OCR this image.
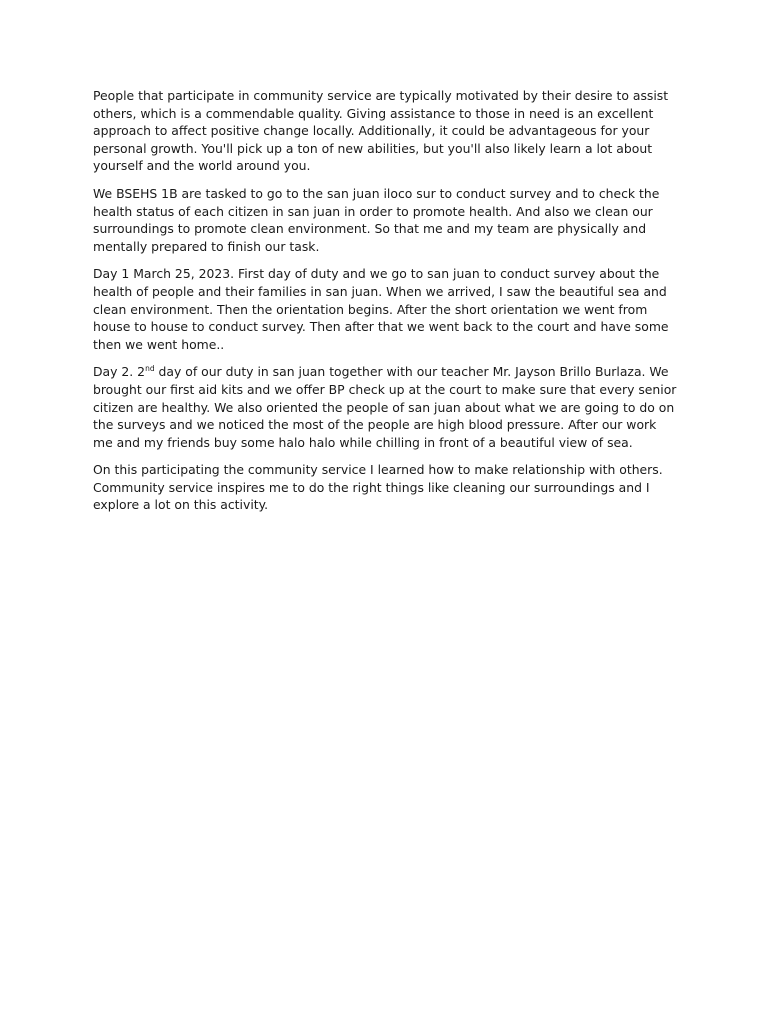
People that participate in community service are typically motivated by their desire to assist others, which is a commendable quality. Giving assistance to those in need is an excellent approach to affect positive change locally. Additionally, it could be advantageous for your personal growth. You'll pick up a ton of new abilities, but you'll also likely learn a lot about yourself and the world around you.

We BSEHS 1B are tasked to go to the san juan iloco sur to conduct survey and to check the health status of each citizen in san juan in order to promote health. And also we clean our surroundings to promote clean environment. So that me and my team are physically and mentally prepared to finish our task.

Day 1 March 25, 2023. First day of duty and we go to san juan to conduct survey about the health of people and their families in san juan. When we arrived, I saw the beautiful sea and clean environment. Then the orientation begins. After the short orientation we went from house to house to conduct survey. Then after that we went back to the court and have some then we went home..

Day 2. 2nd day of our duty in san juan together with our teacher Mr. Jayson Brillo Burlaza. We brought our first aid kits and we offer BP check up at the court to make sure that every senior citizen are healthy. We also oriented the people of san juan about what we are going to do on the surveys and we noticed the most of the people are high blood pressure. After our work me and my friends buy some halo halo while chilling in front of a beautiful view of sea.

On this participating the community service I learned how to make relationship with others. Community service inspires me to do the right things like cleaning our surroundings and I explore a lot on this activity.
